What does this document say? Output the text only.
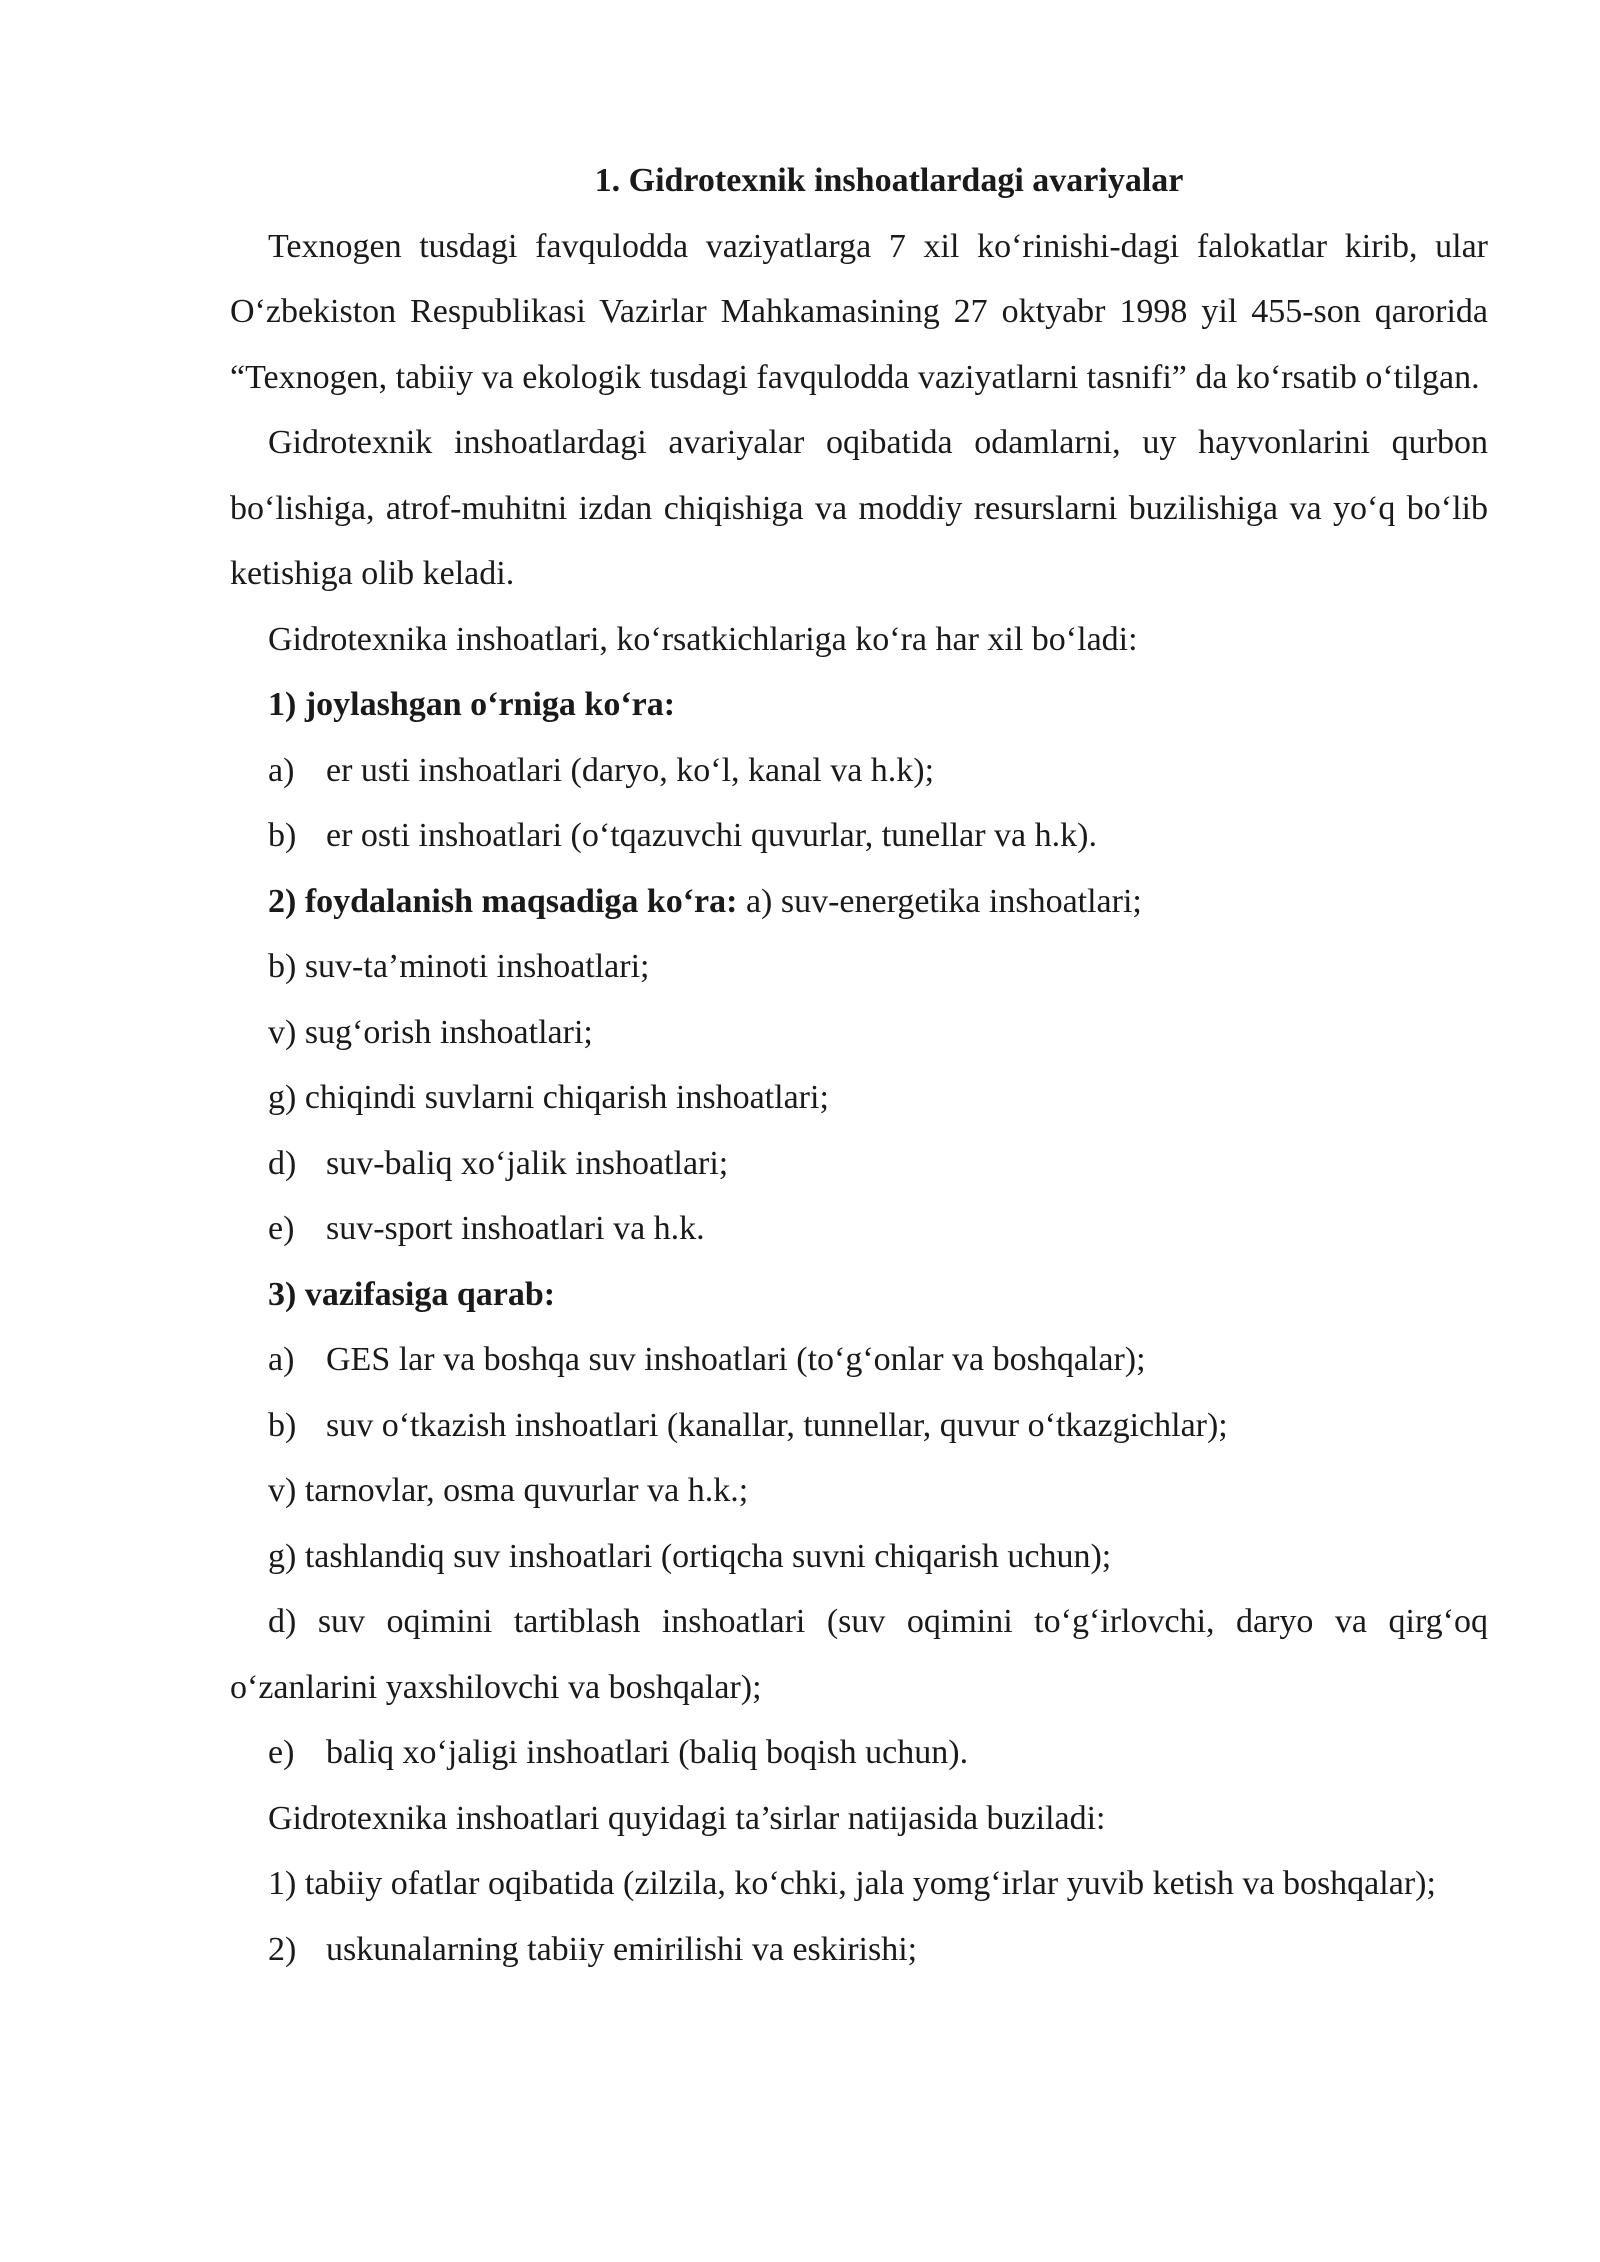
1. Gidrotexnik inshoatlardagi avariyalar

Texnogen tusdagi favqulodda vaziyatlarga 7 xil ko‘rinishi-dagi falokatlar kirib, ular O‘zbekiston Respublikasi Vazirlar Mahkamasining 27 oktyabr 1998 yil 455-son qarorida “Texnogen, tabiiy va ekologik tusdagi favqulodda vaziyatlarni tasnifi” da ko‘rsatib o‘tilgan.

Gidrotexnik inshoatlardagi avariyalar oqibatida odamlarni, uy hayvonlarini qurbon bo‘lishiga, atrof-muhitni izdan chiqishiga va moddiy resurslarni buzilishiga va yo‘q bo‘lib ketishiga olib keladi.

Gidrotexnika inshoatlari, ko‘rsatkichlariga ko‘ra har xil bo‘ladi:

1) joylashgan o‘rniga ko‘ra:

a) er usti inshoatlari (daryo, ko‘l, kanal va h.k);

b) er osti inshoatlari (o‘tqazuvchi quvurlar, tunellar va h.k).

2) foydalanish maqsadiga ko‘ra: a) suv-energetika inshoatlari;

b) suv-ta’minoti inshoatlari;

v) sug‘orish inshoatlari;

g) chiqindi suvlarni chiqarish inshoatlari;

d) suv-baliq xo‘jalik inshoatlari;

e) suv-sport inshoatlari va h.k.

3) vazifasiga qarab:

a) GES lar va boshqa suv inshoatlari (to‘g‘onlar va boshqalar);

b) suv o‘tkazish inshoatlari (kanallar, tunnellar, quvur o‘tkazgichlar);

v) tarnovlar, osma quvurlar va h.k.;

g) tashlandiq suv inshoatlari (ortiqcha suvni chiqarish uchun);

d) suv oqimini tartiblash inshoatlari (suv oqimini to‘g‘irlovchi, daryo va qirg‘oq o‘zanlarini yaxshilovchi va boshqalar);

e) baliq xo‘jaligi inshoatlari (baliq boqish uchun).

Gidrotexnika inshoatlari quyidagi ta’sirlar natijasida buziladi:

1) tabiiy ofatlar oqibatida (zilzila, ko‘chki, jala yomg‘irlar yuvib ketish va boshqalar);

2) uskunalarning tabiiy emirilishi va eskirishi;
